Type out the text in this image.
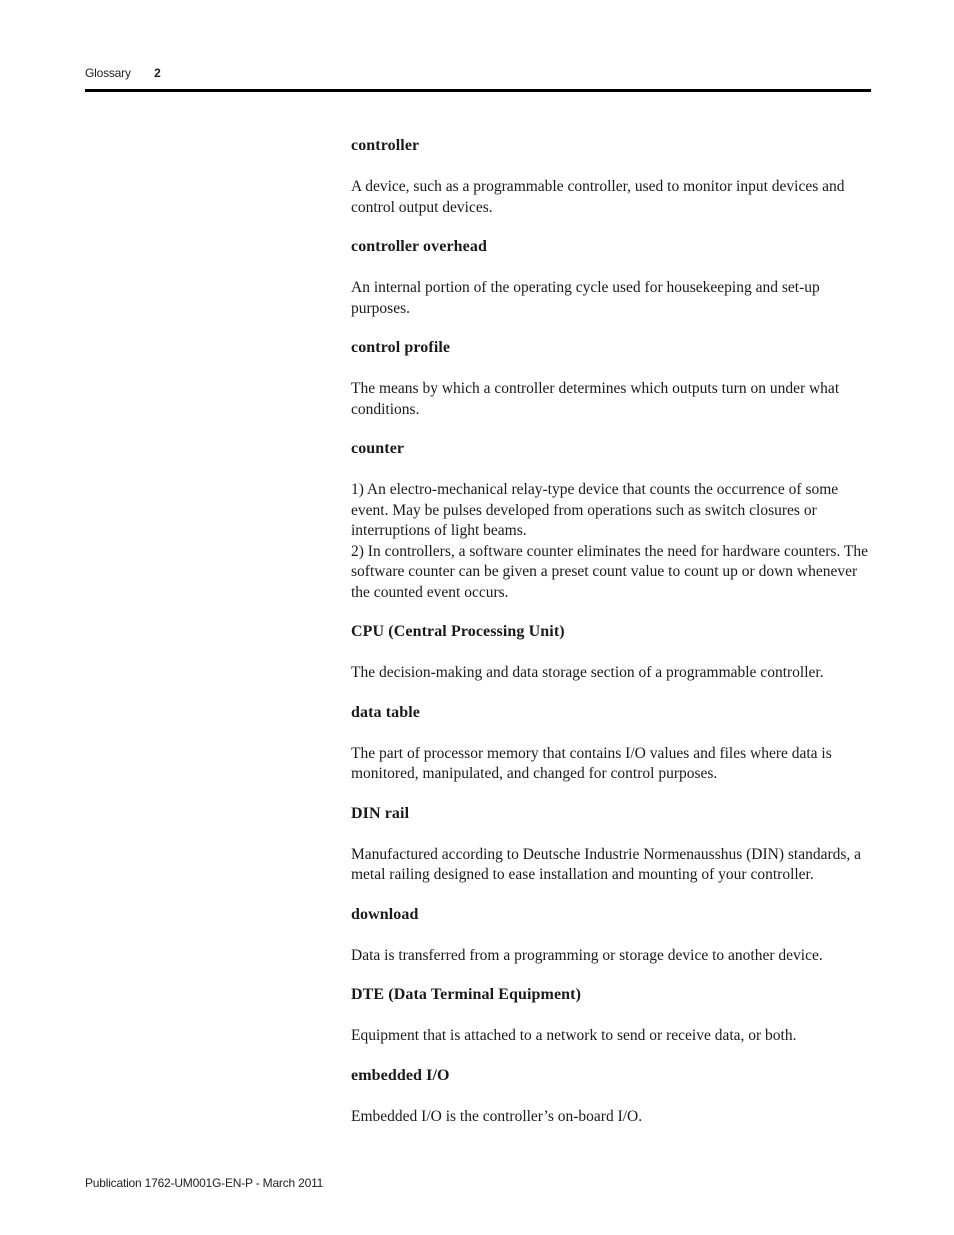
Glossary 2
controller
A device, such as a programmable controller, used to monitor input devices and control output devices.
controller overhead
An internal portion of the operating cycle used for housekeeping and set-up purposes.
control profile
The means by which a controller determines which outputs turn on under what conditions.
counter
1) An electro-mechanical relay-type device that counts the occurrence of some event. May be pulses developed from operations such as switch closures or interruptions of light beams.
2) In controllers, a software counter eliminates the need for hardware counters. The software counter can be given a preset count value to count up or down whenever the counted event occurs.
CPU (Central Processing Unit)
The decision-making and data storage section of a programmable controller.
data table
The part of processor memory that contains I/O values and files where data is monitored, manipulated, and changed for control purposes.
DIN rail
Manufactured according to Deutsche Industrie Normenausshus (DIN) standards, a metal railing designed to ease installation and mounting of your controller.
download
Data is transferred from a programming or storage device to another device.
DTE (Data Terminal Equipment)
Equipment that is attached to a network to send or receive data, or both.
embedded I/O
Embedded I/O is the controller’s on-board I/O.
Publication 1762-UM001G-EN-P - March 2011
